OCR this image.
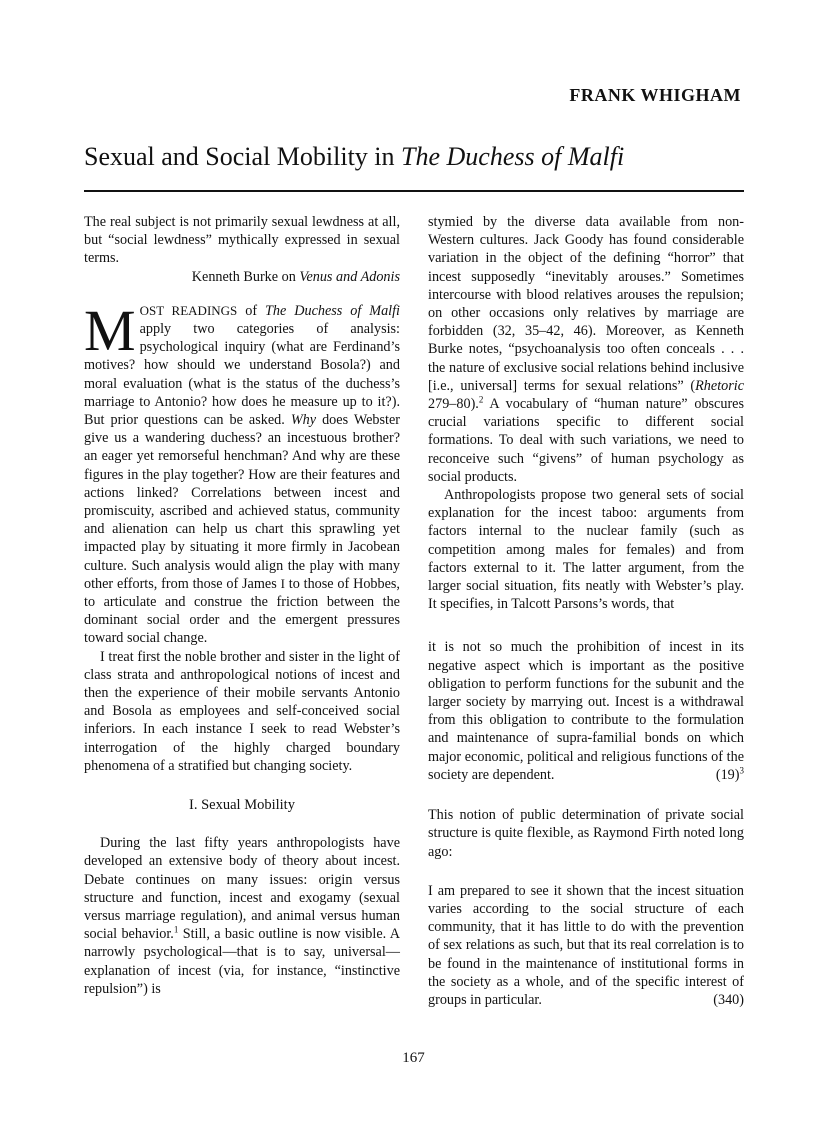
FRANK WHIGHAM
Sexual and Social Mobility in The Duchess of Malfi

The real subject is not primarily sexual lewdness at all, but “social lewdness” mythically expressed in sexual terms.
Kenneth Burke on Venus and Adonis

MOST READINGS of The Duchess of Malfi apply two categories of analysis: psychological inquiry (what are Ferdinand’s motives? how should we understand Bosola?) and moral evaluation (what is the status of the duchess’s marriage to Antonio? how does he measure up to it?). But prior questions can be asked. Why does Webster give us a wandering duchess? an incestuous brother? an eager yet remorseful henchman? And why are these figures in the play together? How are their features and actions linked? Correlations between incest and promiscuity, ascribed and achieved status, community and alienation can help us chart this sprawling yet impacted play by situating it more firmly in Jacobean culture. Such analysis would align the play with many other efforts, from those of James I to those of Hobbes, to articulate and construe the friction between the dominant social order and the emergent pressures toward social change.

I treat first the noble brother and sister in the light of class strata and anthropological notions of incest and then the experience of their mobile servants Antonio and Bosola as employees and self-conceived social inferiors. In each instance I seek to read Webster’s interrogation of the highly charged boundary phenomena of a stratified but changing society.

I. Sexual Mobility

During the last fifty years anthropologists have developed an extensive body of theory about incest. Debate continues on many issues: origin versus structure and function, incest and exogamy (sexual versus marriage regulation), and animal versus human social behavior.$^1$ Still, a basic outline is now visible. A narrowly psychological—that is to say, universal—explanation of incest (via, for instance, “instinctive repulsion”) is

stymied by the diverse data available from non-Western cultures. Jack Goody has found considerable variation in the object of the defining “horror” that incest supposedly “inevitably arouses.” Sometimes intercourse with blood relatives arouses the repulsion; on other occasions only relatives by marriage are forbidden (32, 35–42, 46). Moreover, as Kenneth Burke notes, “psychoanalysis too often conceals . . . the nature of exclusive social relations behind inclusive [i.e., universal] terms for sexual relations” (Rhetoric 279–80).$^2$ A vocabulary of “human nature” obscures crucial variations specific to different social formations. To deal with such variations, we need to reconceive such “givens” of human psychology as social products.

Anthropologists propose two general sets of social explanation for the incest taboo: arguments from factors internal to the nuclear family (such as competition among males for females) and from factors external to it. The latter argument, from the larger social situation, fits neatly with Webster’s play. It specifies, in Talcott Parsons’s words, that

it is not so much the prohibition of incest in its negative aspect which is important as the positive obligation to perform functions for the subunit and the larger society by marrying out. Incest is a withdrawal from this obligation to contribute to the formulation and maintenance of supra-familial bonds on which major economic, political and religious functions of the society are dependent.	$(19)^3$

This notion of public determination of private social structure is quite flexible, as Raymond Firth noted long ago:

I am prepared to see it shown that the incest situation varies according to the social structure of each community, that it has little to do with the prevention of sex relations as such, but that its real correlation is to be found in the maintenance of institutional forms in the society as a whole, and of the specific interest of groups in particular.	(340)

167
